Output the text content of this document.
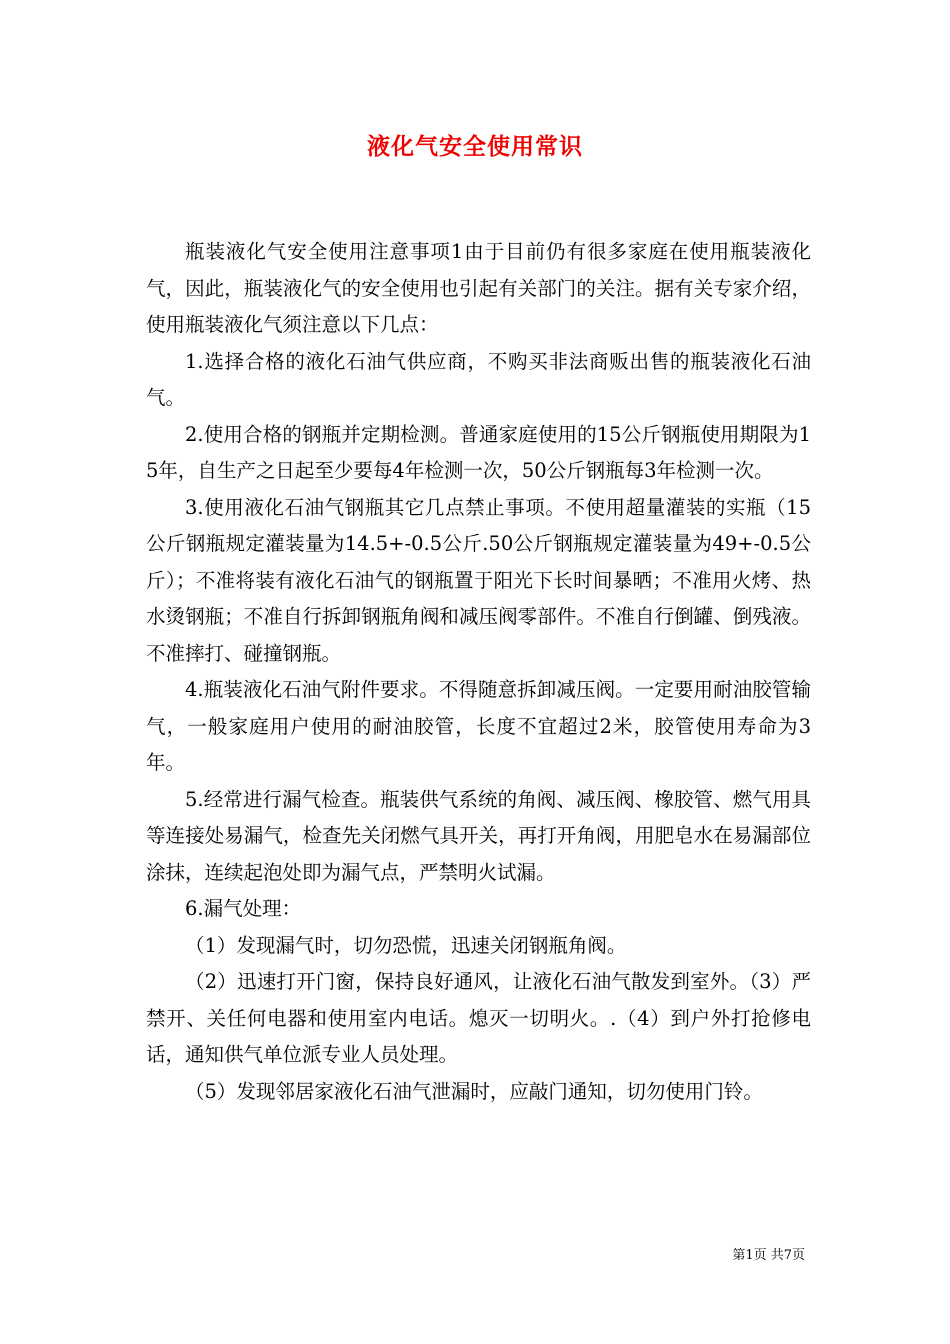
液化气安全使用常识

瓶装液化气安全使用注意事项1由于目前仍有很多家庭在使用瓶装液化气，因此，瓶装液化气的安全使用也引起有关部门的关注。据有关专家介绍，使用瓶装液化气须注意以下几点：

1.选择合格的液化石油气供应商，不购买非法商贩出售的瓶装液化石油气。

2.使用合格的钢瓶并定期检测。普通家庭使用的15公斤钢瓶使用期限为15年，自生产之日起至少要每4年检测一次，50公斤钢瓶每3年检测一次。

3.使用液化石油气钢瓶其它几点禁止事项。不使用超量灌装的实瓶（15公斤钢瓶规定灌装量为14.5+-0.5公斤.50公斤钢瓶规定灌装量为49+-0.5公斤）；不准将装有液化石油气的钢瓶置于阳光下长时间暴晒；不准用火烤、热水烫钢瓶；不准自行拆卸钢瓶角阀和减压阀零部件。不准自行倒罐、倒残液。不准摔打、碰撞钢瓶。

4.瓶装液化石油气附件要求。不得随意拆卸减压阀。一定要用耐油胶管输气，一般家庭用户使用的耐油胶管，长度不宜超过2米，胶管使用寿命为3年。

5.经常进行漏气检查。瓶装供气系统的角阀、减压阀、橡胶管、燃气用具等连接处易漏气，检查先关闭燃气具开关，再打开角阀，用肥皂水在易漏部位涂抹，连续起泡处即为漏气点，严禁明火试漏。

6.漏气处理：

（1）发现漏气时，切勿恐慌，迅速关闭钢瓶角阀。

（2）迅速打开门窗，保持良好通风，让液化石油气散发到室外。（3）严禁开、关任何电器和使用室内电话。熄灭一切明火。.（4）到户外打抢修电话，通知供气单位派专业人员处理。

（5）发现邻居家液化石油气泄漏时，应敲门通知，切勿使用门铃。

第1页 共7页
